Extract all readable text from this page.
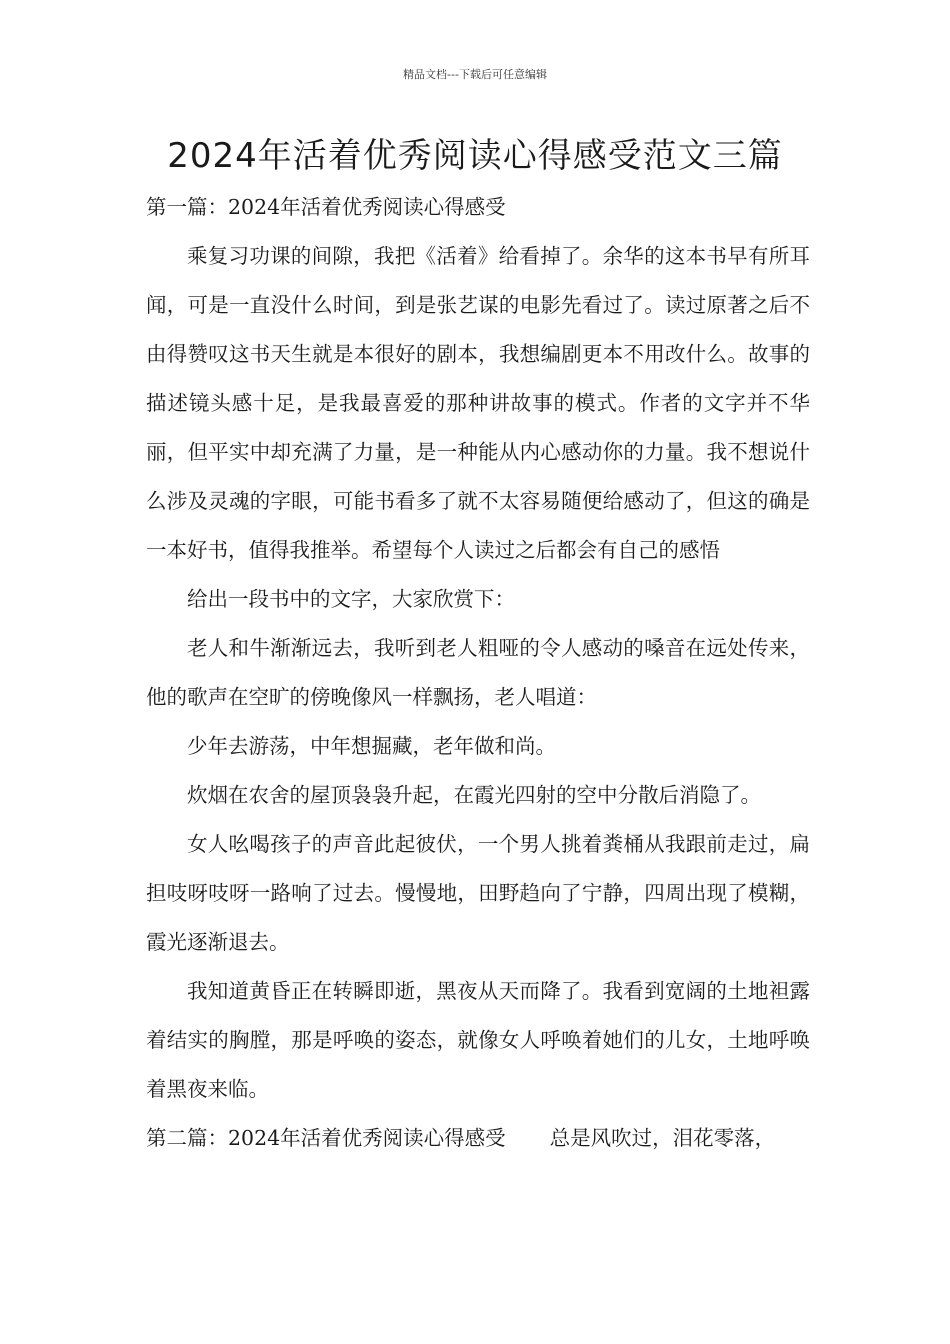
精品文档---下载后可任意编辑
2024年活着优秀阅读心得感受范文三篇

第一篇：2024年活着优秀阅读心得感受

乘复习功课的间隙，我把《活着》给看掉了。余华的这本书早有所耳闻，可是一直没什么时间，到是张艺谋的电影先看过了。读过原著之后不由得赞叹这书天生就是本很好的剧本，我想编剧更本不用改什么。故事的描述镜头感十足，是我最喜爱的那种讲故事的模式。作者的文字并不华丽，但平实中却充满了力量，是一种能从内心感动你的力量。我不想说什么涉及灵魂的字眼，可能书看多了就不太容易随便给感动了，但这的确是一本好书，值得我推举。希望每个人读过之后都会有自己的感悟

给出一段书中的文字，大家欣赏下：

老人和牛渐渐远去，我听到老人粗哑的令人感动的嗓音在远处传来，他的歌声在空旷的傍晚像风一样飘扬，老人唱道：

少年去游荡，中年想掘藏，老年做和尚。

炊烟在农舍的屋顶袅袅升起，在霞光四射的空中分散后消隐了。

女人吆喝孩子的声音此起彼伏，一个男人挑着粪桶从我跟前走过，扁担吱呀吱呀一路响了过去。慢慢地，田野趋向了宁静，四周出现了模糊，霞光逐渐退去。

我知道黄昏正在转瞬即逝，黑夜从天而降了。我看到宽阔的土地袒露着结实的胸膛，那是呼唤的姿态，就像女人呼唤着她们的儿女，土地呼唤着黑夜来临。

第二篇：2024年活着优秀阅读心得感受 总是风吹过，泪花零落，
